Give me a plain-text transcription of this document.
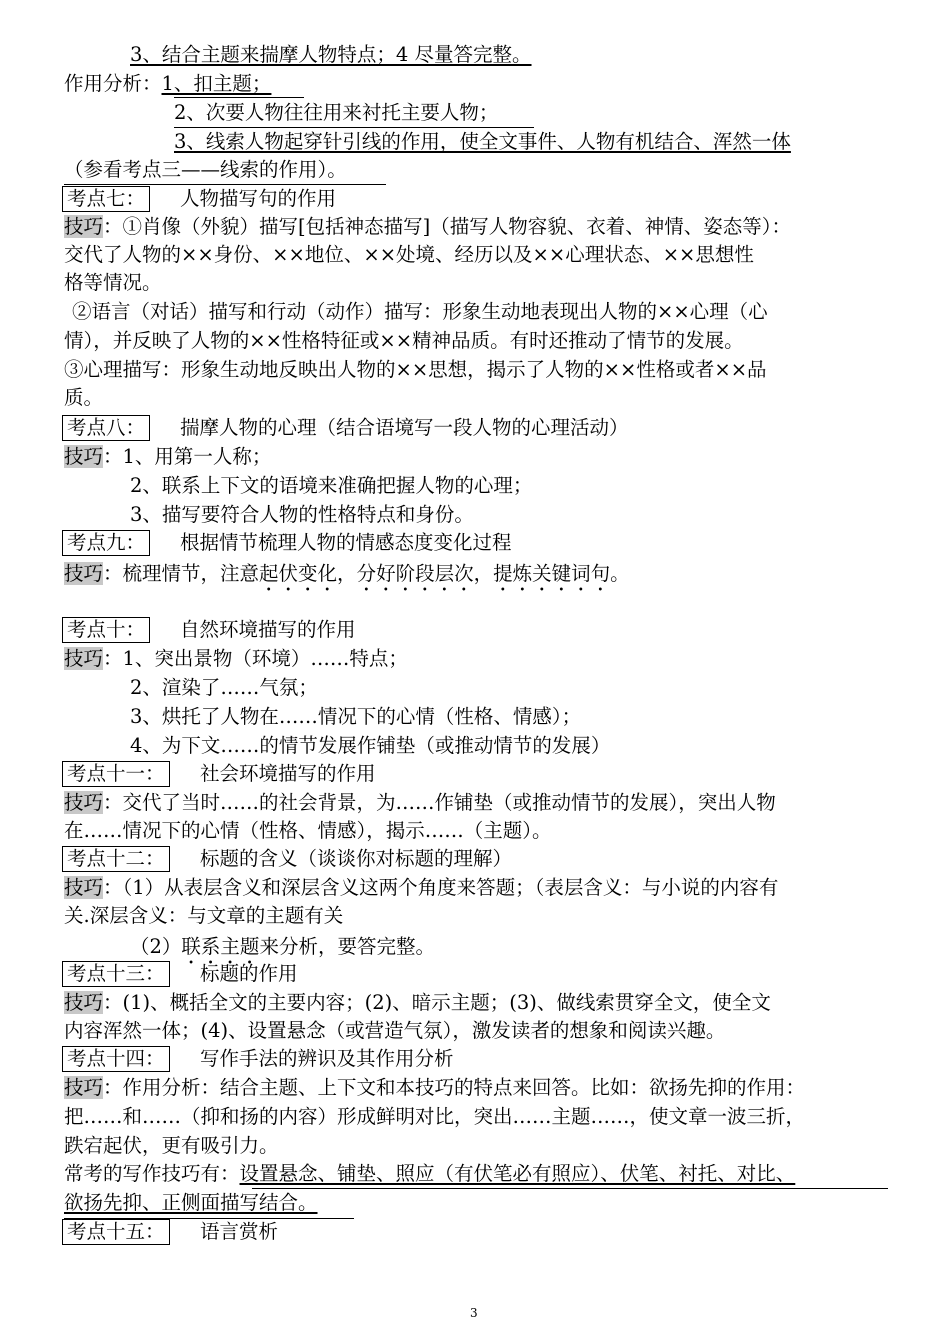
3、结合主题来揣摩人物特点；4 尽量答完整。
作用分析：1、扣主题；
2、次要人物往往用来衬托主要人物；
3、线索人物起穿针引线的作用，使全文事件、人物有机结合、浑然一体
（参看考点三——线索的作用）。
考点七： 人物描写句的作用
技巧：①肖像（外貌）描写[包括神态描写]（描写人物容貌、衣着、神情、姿态等）：
交代了人物的××身份、××地位、××处境、经历以及××心理状态、××思想性
格等情况。
②语言（对话）描写和行动（动作）描写：形象生动地表现出人物的××心理（心
情），并反映了人物的××性格特征或××精神品质。有时还推动了情节的发展。
③心理描写：形象生动地反映出人物的××思想，揭示了人物的××性格或者××品
质。
考点八： 揣摩人物的心理（结合语境写一段人物的心理活动）
技巧：1、用第一人称；
2、联系上下文的语境来准确把握人物的心理；
3、描写要符合人物的性格特点和身份。
考点九： 根据情节梳理人物的情感态度变化过程
技巧：梳理情节，注意起伏变化，分好阶段层次，提炼关键词句。
考点十： 自然环境描写的作用
技巧：1、突出景物（环境）……特点；
2、渲染了……气氛；
3、烘托了人物在……情况下的心情（性格、情感）；
4、为下文……的情节发展作铺垫（或推动情节的发展）
考点十一： 社会环境描写的作用
技巧：交代了当时……的社会背景，为……作铺垫（或推动情节的发展），突出人物
在……情况下的心情（性格、情感），揭示……（主题）。
考点十二： 标题的含义（谈谈你对标题的理解）
技巧：（1）从表层含义和深层含义这两个角度来答题；（表层含义：与小说的内容有
关.深层含义：与文章的主题有关
（2）联系主题来分析，要答完整。
考点十三： 标题的作用
技巧：(1)、概括全文的主要内容；(2)、暗示主题；(3)、做线索贯穿全文，使全文
内容浑然一体；(4)、设置悬念（或营造气氛），激发读者的想象和阅读兴趣。
考点十四： 写作手法的辨识及其作用分析
技巧：作用分析：结合主题、上下文和本技巧的特点来回答。比如：欲扬先抑的作用：
把……和……（抑和扬的内容）形成鲜明对比，突出……主题……，使文章一波三折，
跌宕起伏，更有吸引力。
常考的写作技巧有：设置悬念、铺垫、照应（有伏笔必有照应）、伏笔、衬托、对比、
欲扬先抑、正侧面描写结合。
考点十五： 语言赏析
3
